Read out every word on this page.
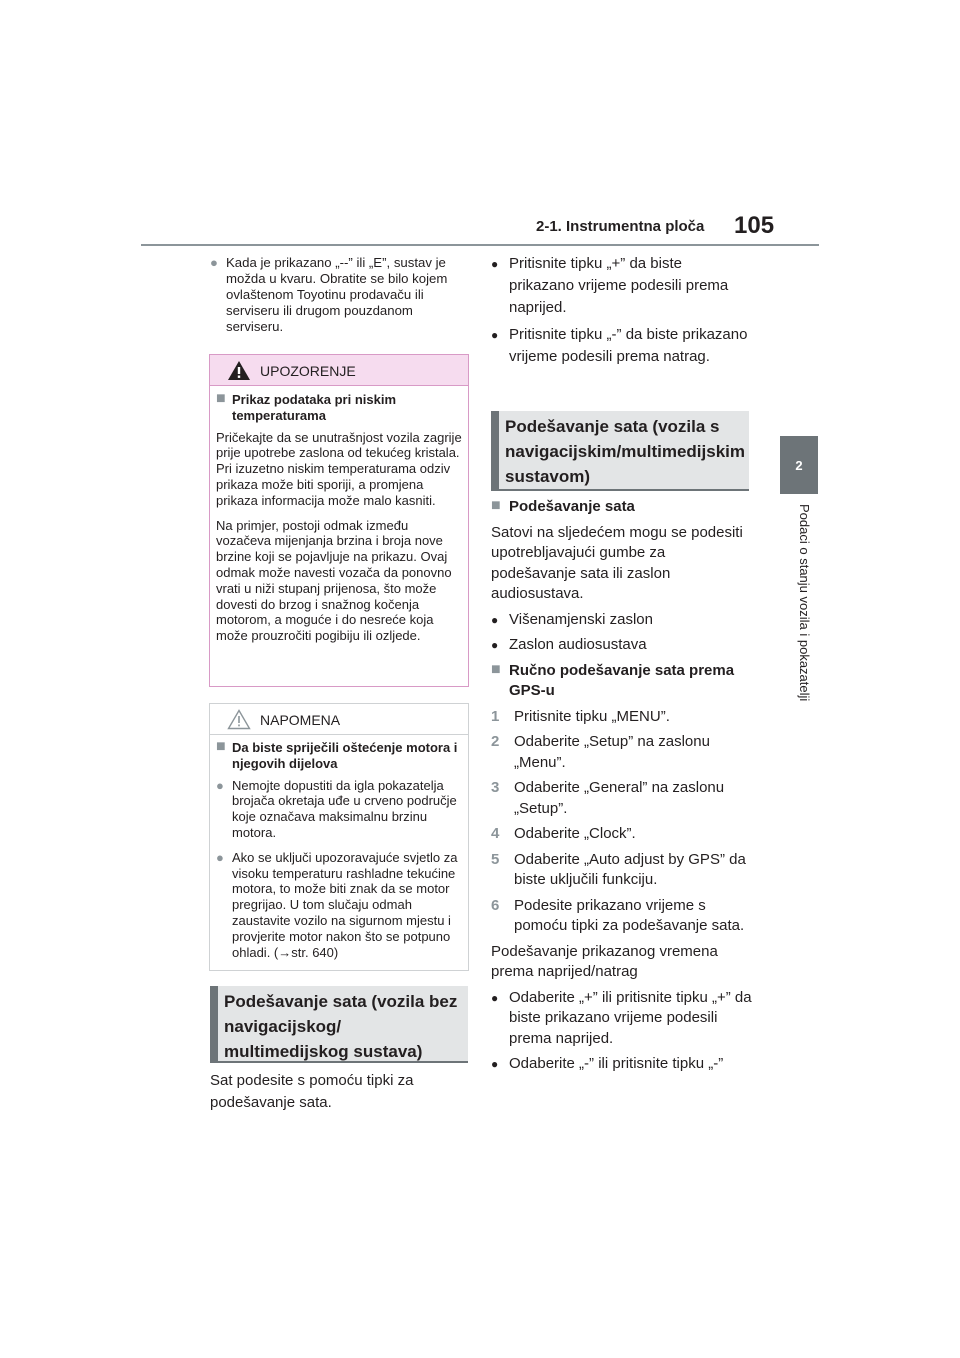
2-1. Instrumentna ploča 105
2
Podaci o stanju vozila i pokazatelji
● Kada je prikazano „--” ili „E”, sustav je možda u kvaru. Obratite se bilo kojem ovlaštenom Toyotinu prodavaču ili serviseru ili drugom pouzdanom serviseru.
UPOZORENJE
■ Prikaz podataka pri niskim temperaturama
Pričekajte da se unutrašnjost vozila zagrije prije upotrebe zaslona od tekućeg kristala. Pri izuzetno niskim temperaturama odziv prikaza može biti sporiji, a promjena prikaza informacija može malo kasniti.
Na primjer, postoji odmak između vozačeva mijenjanja brzina i broja nove brzine koji se pojavljuje na prikazu. Ovaj odmak može navesti vozača da ponovno vrati u niži stupanj prijenosa, što može dovesti do brzog i snažnog kočenja motorom, a moguće i do nesreće koja može prouzročiti pogibiju ili ozljede.
NAPOMENA
■ Da biste spriječili oštećenje motora i njegovih dijelova
● Nemojte dopustiti da igla pokazatelja brojača okretaja uđe u crveno područje koje označava maksimalnu brzinu motora.
● Ako se uključi upozoravajuće svjetlo za visoku temperaturu rashladne tekućine motora, to može biti znak da se motor pregrijao. U tom slučaju odmah zaustavite vozilo na sigurnom mjestu i provjerite motor nakon što se potpuno ohladi. (→str. 640)
Podešavanje sata (vozila bez navigacijskog/ multimedijskog sustava)
Sat podesite s pomoću tipki za podešavanje sata.
● Pritisnite tipku „+” da biste prikazano vrijeme podesili prema naprijed.
● Pritisnite tipku „-” da biste prikazano vrijeme podesili prema natrag.
Podešavanje sata (vozila s navigacijskim/multimedijskim sustavom)
■ Podešavanje sata
Satovi na sljedećem mogu se podesiti upotrebljavajući gumbe za podešavanje sata ili zaslon audiosustava.
● Višenamjenski zaslon
● Zaslon audiosustava
■ Ručno podešavanje sata prema GPS-u
1 Pritisnite tipku „MENU”.
2 Odaberite „Setup” na zaslonu „Menu”.
3 Odaberite „General” na zaslonu „Setup”.
4 Odaberite „Clock”.
5 Odaberite „Auto adjust by GPS” da biste uključili funkciju.
6 Podesite prikazano vrijeme s pomoću tipki za podešavanje sata.
Podešavanje prikazanog vremena prema naprijed/natrag
● Odaberite „+” ili pritisnite tipku „+” da biste prikazano vrijeme podesili prema naprijed.
● Odaberite „-” ili pritisnite tipku „-”
